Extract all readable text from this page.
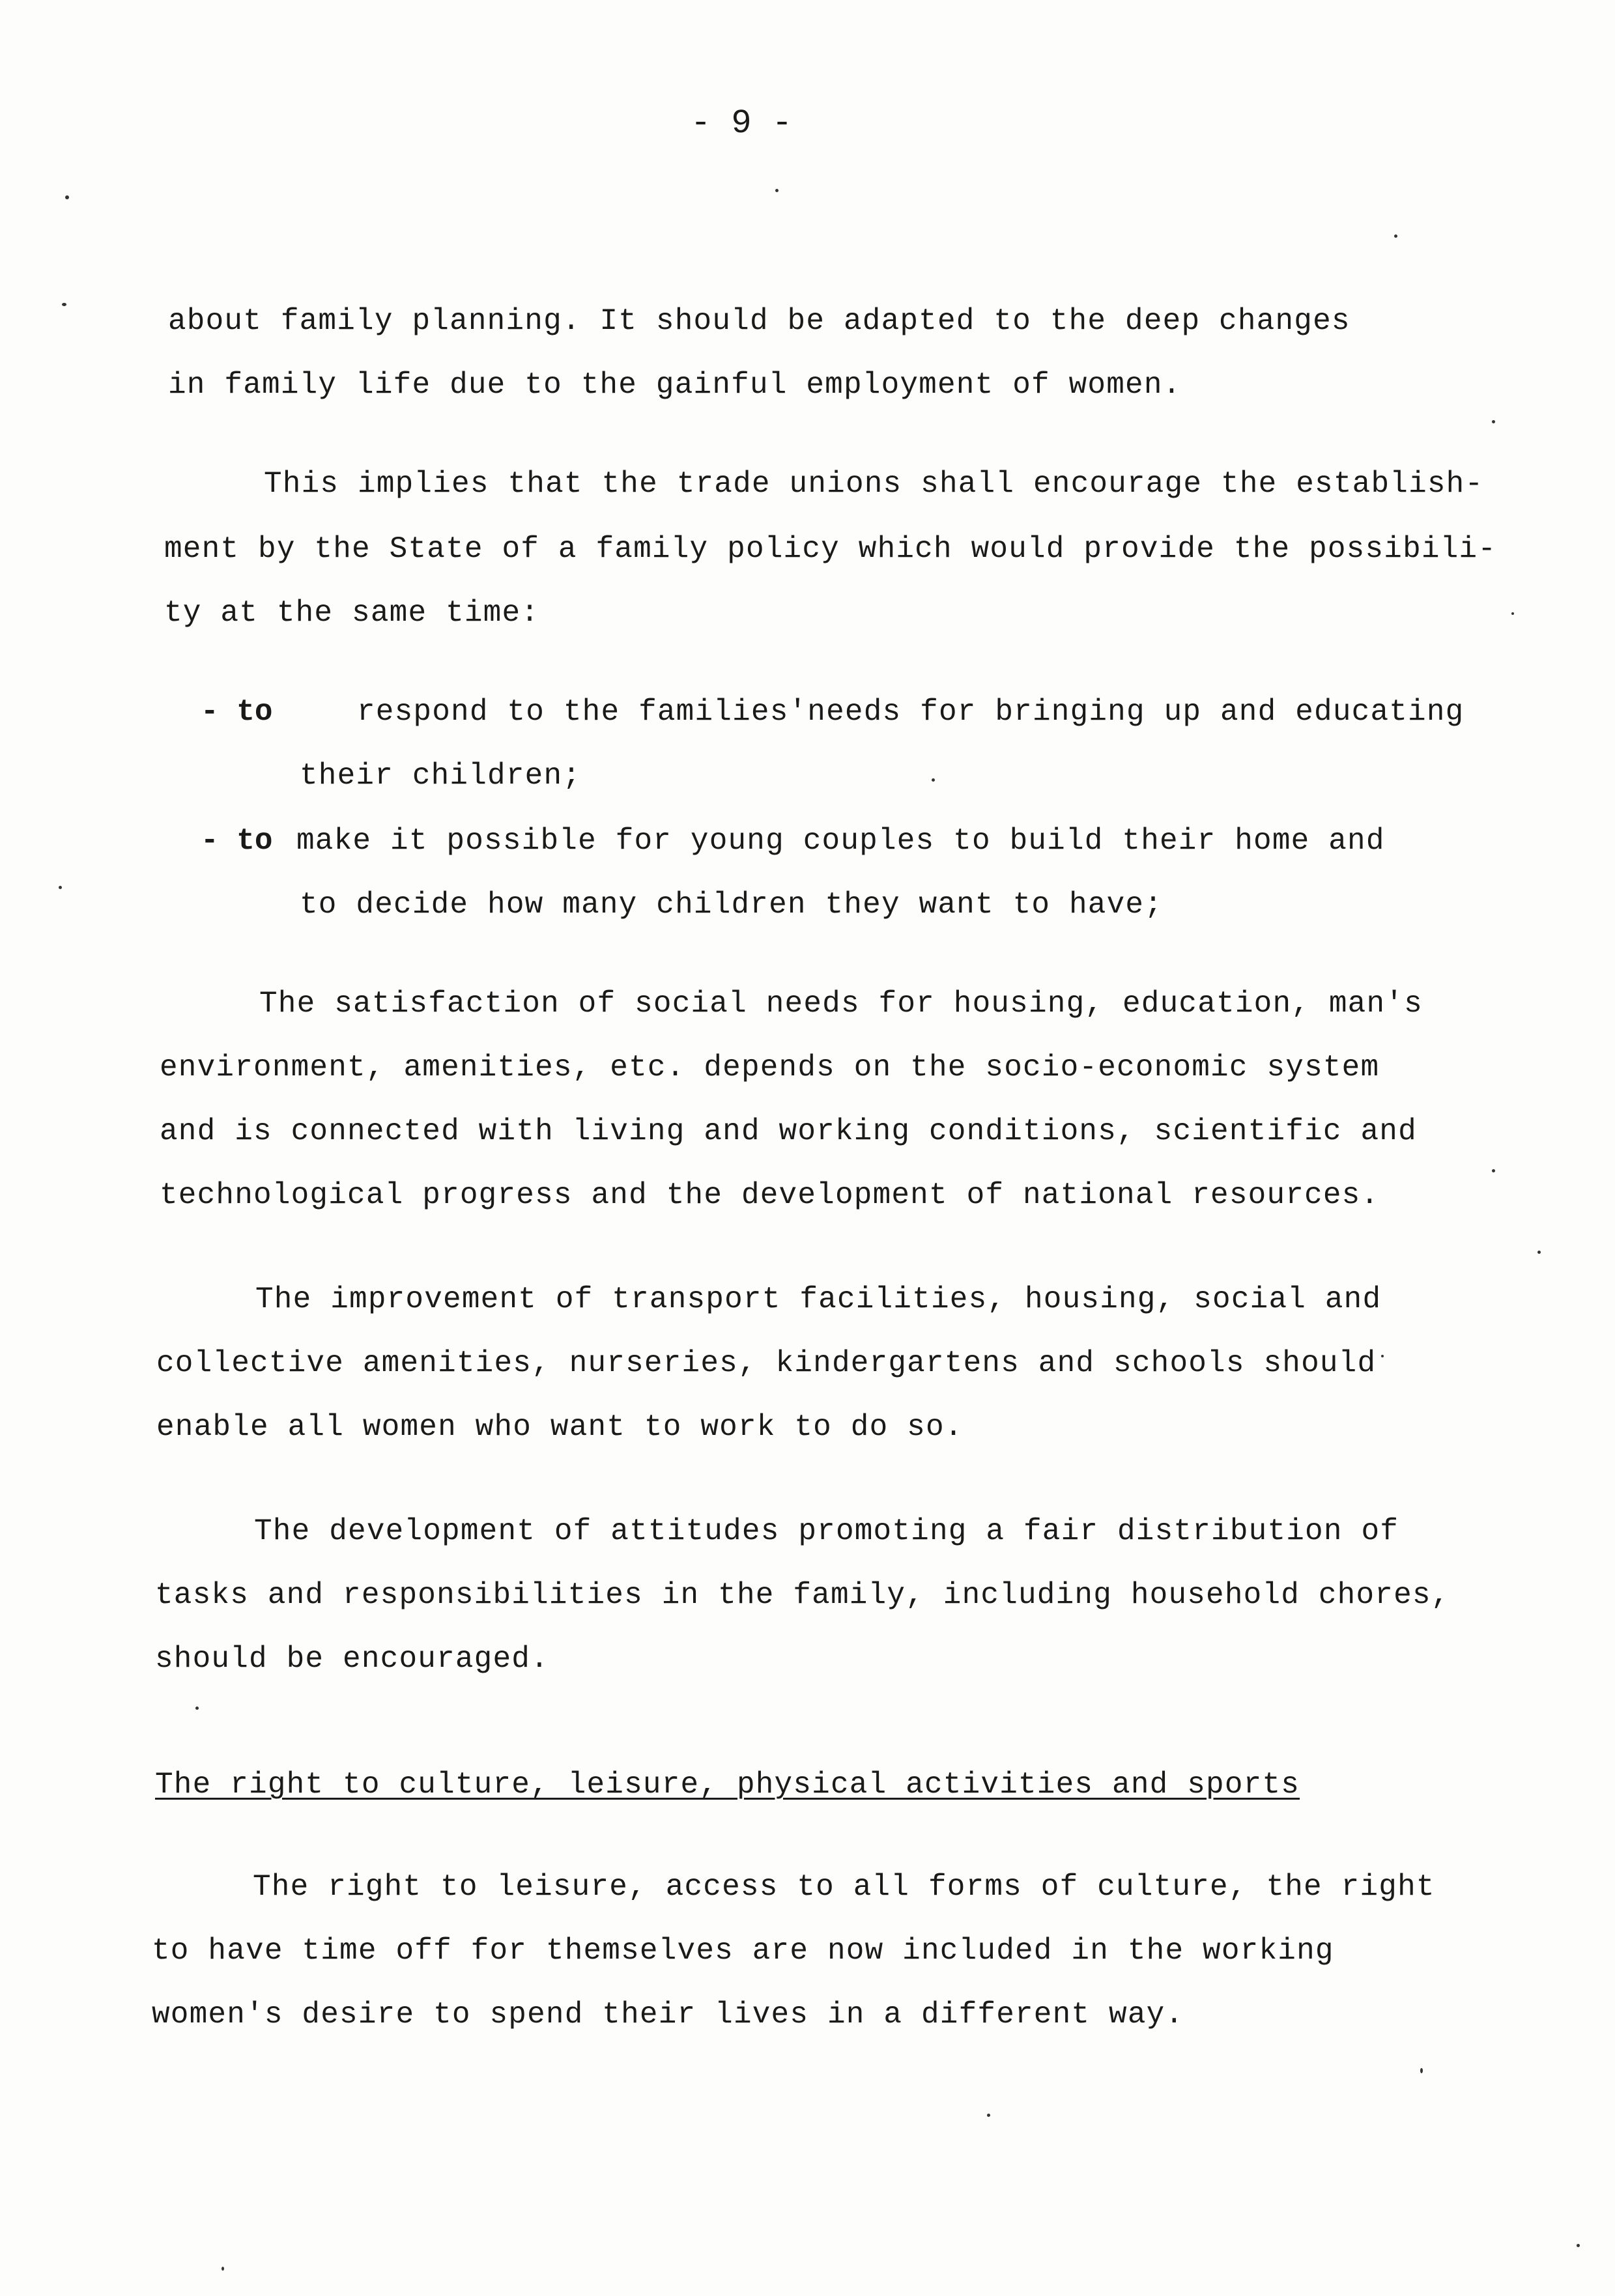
- 9 -
about family planning. It should be adapted to the deep changes
in family life due to the gainful employment of women.
This implies that the trade unions shall encourage the establish-
ment by the State of a family policy which would provide the possibili-
ty at the same time:
- to	respond to the families'needs for bringing up and educating
their children;
- to make it possible for young couples to build their home and
to decide how many children they want to have;
The satisfaction of social needs for housing, education, man's
environment, amenities, etc. depends on the socio-economic system
and is connected with living and working conditions, scientific and
technological progress and the development of national resources.
The improvement of transport facilities, housing, social and
collective amenities, nurseries, kindergartens and schools should
enable all women who want to work to do so.
The development of attitudes promoting a fair distribution of
tasks and responsibilities in the family, including household chores,
should be encouraged.
The right to culture, leisure, physical activities and sports
The right to leisure, access to all forms of culture, the right
to have time off for themselves are now included in the working
women's desire to spend their lives in a different way.
